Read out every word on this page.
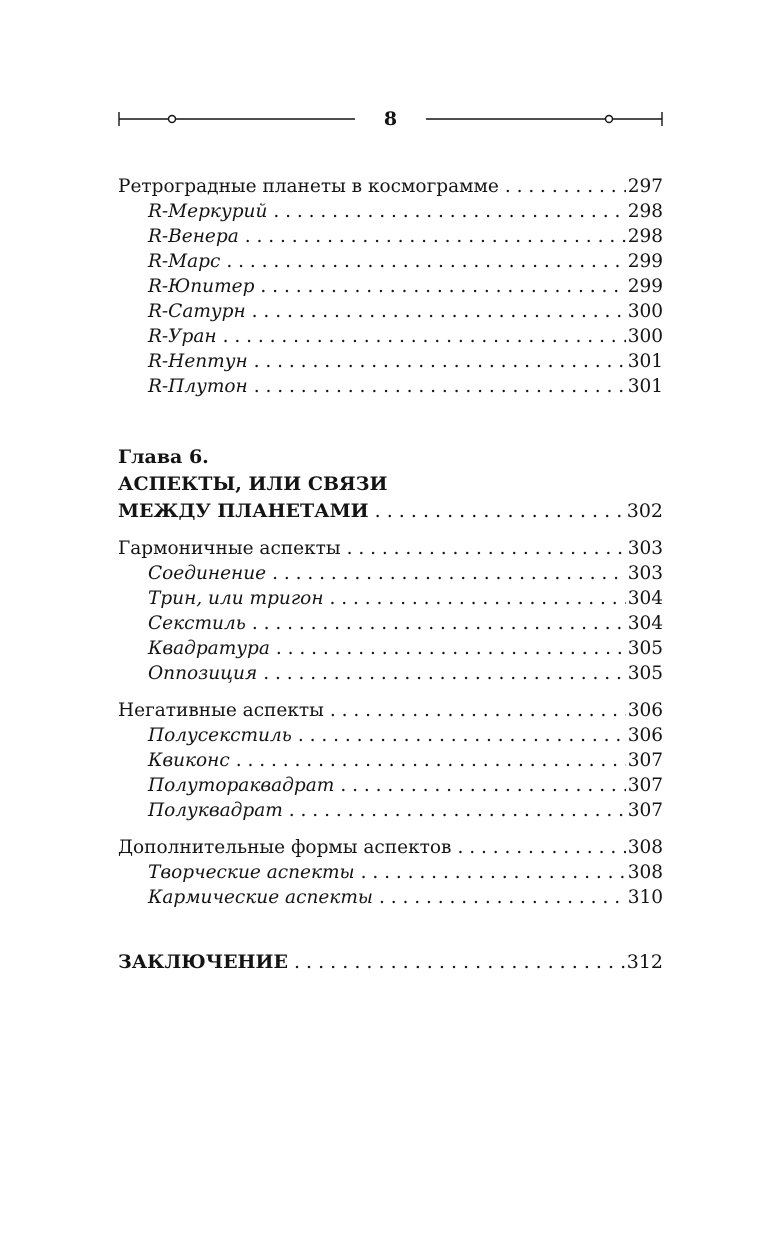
8
Ретроградные планеты в космограмме . . .	297
R-Меркурий . . .	298
R-Венера . . .	298
R-Марс . . .	299
R-Юпитер . . .	299
R-Сатурн . . .	300
R-Уран . . .	300
R-Нептун . . .	301
R-Плутон . . .	301
Глава 6.
АСПЕКТЫ, ИЛИ СВЯЗИ
МЕЖДУ ПЛАНЕТАМИ . . .	302
Гармоничные аспекты . . .	303
Соединение . . .	303
Трин, или тригон . . .	304
Секстиль . . .	304
Квадратура . . .	305
Оппозиция . . .	305
Негативные аспекты . . .	306
Полусекстиль . . .	306
Квиконс . . .	307
Полутораквадрат . . .	307
Полуквадрат . . .	307
Дополнительные формы аспектов . . .	308
Творческие аспекты . . .	308
Кармические аспекты . . .	310
ЗАКЛЮЧЕНИЕ . . .	312
